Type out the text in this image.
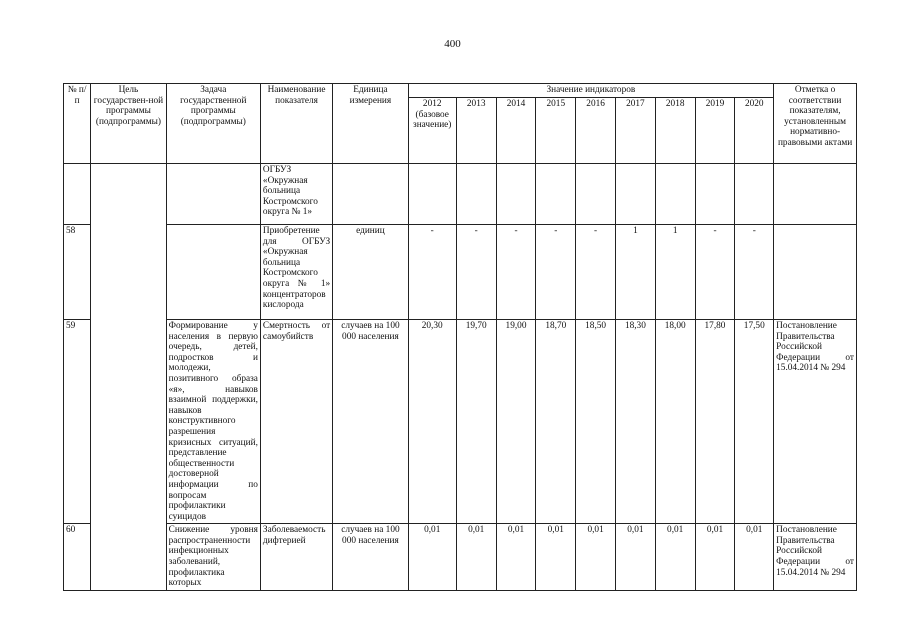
400
№ п/п	Цель государствен-ной программы (подпрограммы)	Задача государственной программы (подпрограммы)	Наименование показателя	Единица измерения	Значение индикаторов									Отметка о соответствии показателям, установленным нормативно-правовыми актами
					2012 (базовое значение)	2013	2014	2015	2016	2017	2018	2019	2020	
			ОГБУЗ «Окружная больница Костромского округа № 1»											
58			Приобретение для ОГБУЗ «Окружная больница Костромского округа № 1» концентраторов кислорода	единиц	-	-	-	-	-	1	1	-	-	
59		Формирование у населения в первую очередь, детей, подростков и молодежи, позитивного образа «я», навыков взаимной поддержки, навыков конструктивного разрешения кризисных ситуаций, представление общественности достоверной информации по вопросам профилактики суицидов	Смертность от самоубийств	случаев на 100 000 населения	20,30	19,70	19,00	18,70	18,50	18,30	18,00	17,80	17,50	Постановление Правительства Российской Федерации от 15.04.2014 № 294
60		Снижение уровня распространенности инфекционных заболеваний, профилактика которых	Заболеваемость дифтерией	случаев на 100 000 населения	0,01	0,01	0,01	0,01	0,01	0,01	0,01	0,01	0,01	Постановление Правительства Российской Федерации от 15.04.2014 № 294
